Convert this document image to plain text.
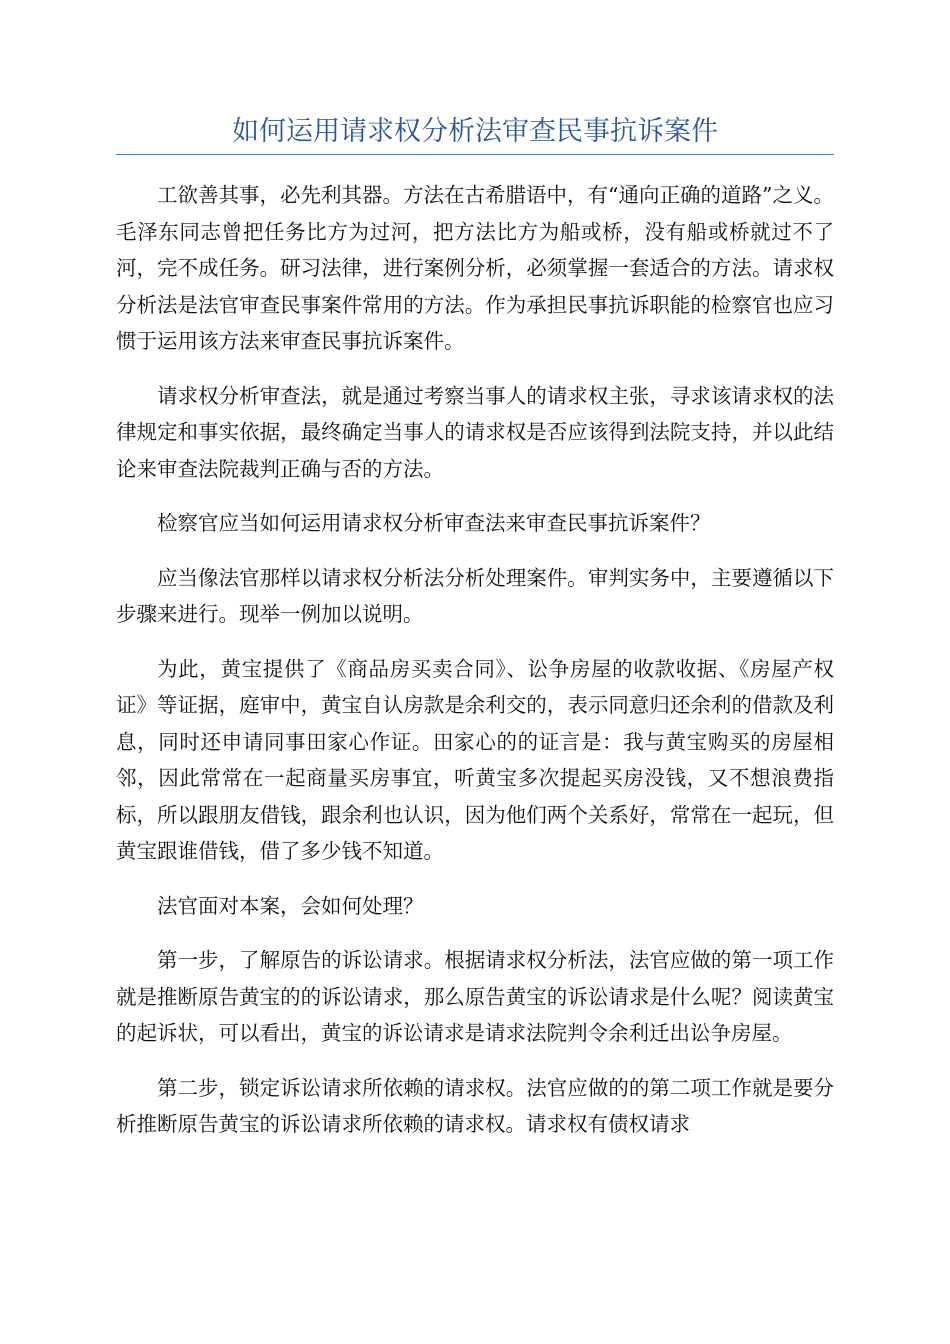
如何运用请求权分析法审查民事抗诉案件

工欲善其事，必先利其器。方法在古希腊语中，有“通向正确的道路”之义。毛泽东同志曾把任务比方为过河，把方法比方为船或桥，没有船或桥就过不了河，完不成任务。研习法律，进行案例分析，必须掌握一套适合的方法。请求权分析法是法官审查民事案件常用的方法。作为承担民事抗诉职能的检察官也应习惯于运用该方法来审查民事抗诉案件。

请求权分析审查法，就是通过考察当事人的请求权主张，寻求该请求权的法律规定和事实依据，最终确定当事人的请求权是否应该得到法院支持，并以此结论来审查法院裁判正确与否的方法。

检察官应当如何运用请求权分析审查法来审查民事抗诉案件？

应当像法官那样以请求权分析法分析处理案件。审判实务中，主要遵循以下步骤来进行。现举一例加以说明。

为此，黄宝提供了《商品房买卖合同》、讼争房屋的收款收据、《房屋产权证》等证据，庭审中，黄宝自认房款是余利交的，表示同意归还余利的借款及利息，同时还申请同事田家心作证。田家心的的证言是：我与黄宝购买的房屋相邻，因此常常在一起商量买房事宜，听黄宝多次提起买房没钱，又不想浪费指标，所以跟朋友借钱，跟余利也认识，因为他们两个关系好，常常在一起玩，但黄宝跟谁借钱，借了多少钱不知道。

法官面对本案，会如何处理？

第一步，了解原告的诉讼请求。根据请求权分析法，法官应做的第一项工作就是推断原告黄宝的的诉讼请求，那么原告黄宝的诉讼请求是什么呢？阅读黄宝的起诉状，可以看出，黄宝的诉讼请求是请求法院判令余利迁出讼争房屋。

第二步，锁定诉讼请求所依赖的请求权。法官应做的的第二项工作就是要分析推断原告黄宝的诉讼请求所依赖的请求权。请求权有债权请求
